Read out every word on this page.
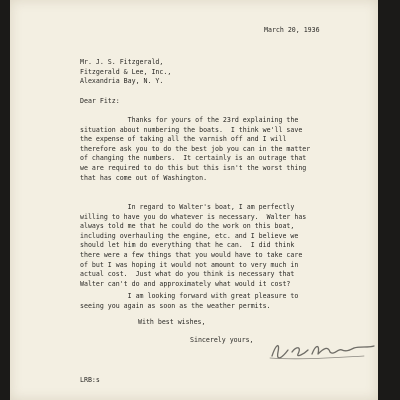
March 20, 1936

Mr. J. S. Fitzgerald,
Fitzgerald & Lee, Inc.,
Alexandria Bay, N. Y.

Dear Fitz:

Thanks for yours of the 23rd explaining the
situation about numbering the boats.  I think we'll save
the expense of taking all the varnish off and I will
therefore ask you to do the best job you can in the matter
of changing the numbers.  It certainly is an outrage that
we are required to do this but this isn't the worst thing
that has come out of Washington.
In regard to Walter's boat, I am perfectly
willing to have you do whatever is necessary.  Walter has
always told me that he could do the work on this boat,
including overhauling the engine, etc. and I believe we
should let him do everything that he can.  I did think
there were a few things that you would have to take care
of but I was hoping it would not amount to very much in
actual cost.  Just what do you think is necessary that
Walter can't do and approximately what would it cost?
I am looking forward with great pleasure to
seeing you again as soon as the weather permits.

With best wishes,

Sincerely yours,

LRB:s
